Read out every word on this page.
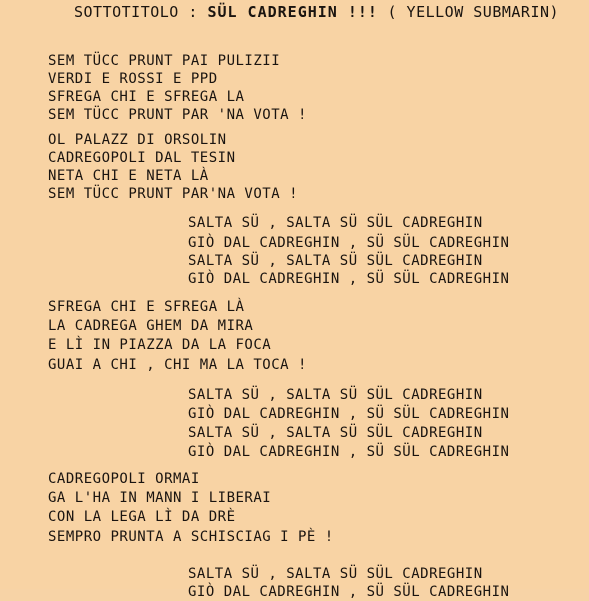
SOTTOTITOLO : SÜL CADREGHIN !!! ( YELLOW SUBMARIN)
SEM TÜCC PRUNT PAI PULIZII
VERDI E ROSSI E PPD
SFREGA CHI E SFREGA LA
SEM TÜCC PRUNT PAR 'NA VOTA !
OL PALAZZ DI ORSOLIN
CADREGOPOLI DAL TESIN
NETA CHI E NETA LÀ
SEM TÜCC PRUNT PAR'NA VOTA !
SALTA SÜ , SALTA SÜ SÜL CADREGHIN
GIÒ DAL CADREGHIN , SÜ SÜL CADREGHIN
SALTA SÜ , SALTA SÜ SÜL CADREGHIN
GIÒ DAL CADREGHIN , SÜ SÜL CADREGHIN
SFREGA CHI E SFREGA LÀ
LA CADREGA GHEM DA MIRA
E LÌ IN PIAZZA DA LA FOCA
GUAI A CHI , CHI MA LA TOCA !
SALTA SÜ , SALTA SÜ SÜL CADREGHIN
GIÒ DAL CADREGHIN , SÜ SÜL CADREGHIN
SALTA SÜ , SALTA SÜ SÜL CADREGHIN
GIÒ DAL CADREGHIN , SÜ SÜL CADREGHIN
CADREGOPOLI ORMAI
GA L'HA IN MANN I LIBERAI
CON LA LEGA LÌ DA DRÈ
SEMPRO PRUNTA A SCHISCIAG I PÈ !
SALTA SÜ , SALTA SÜ SÜL CADREGHIN
GIÒ DAL CADREGHIN , SÜ SÜL CADREGHIN
